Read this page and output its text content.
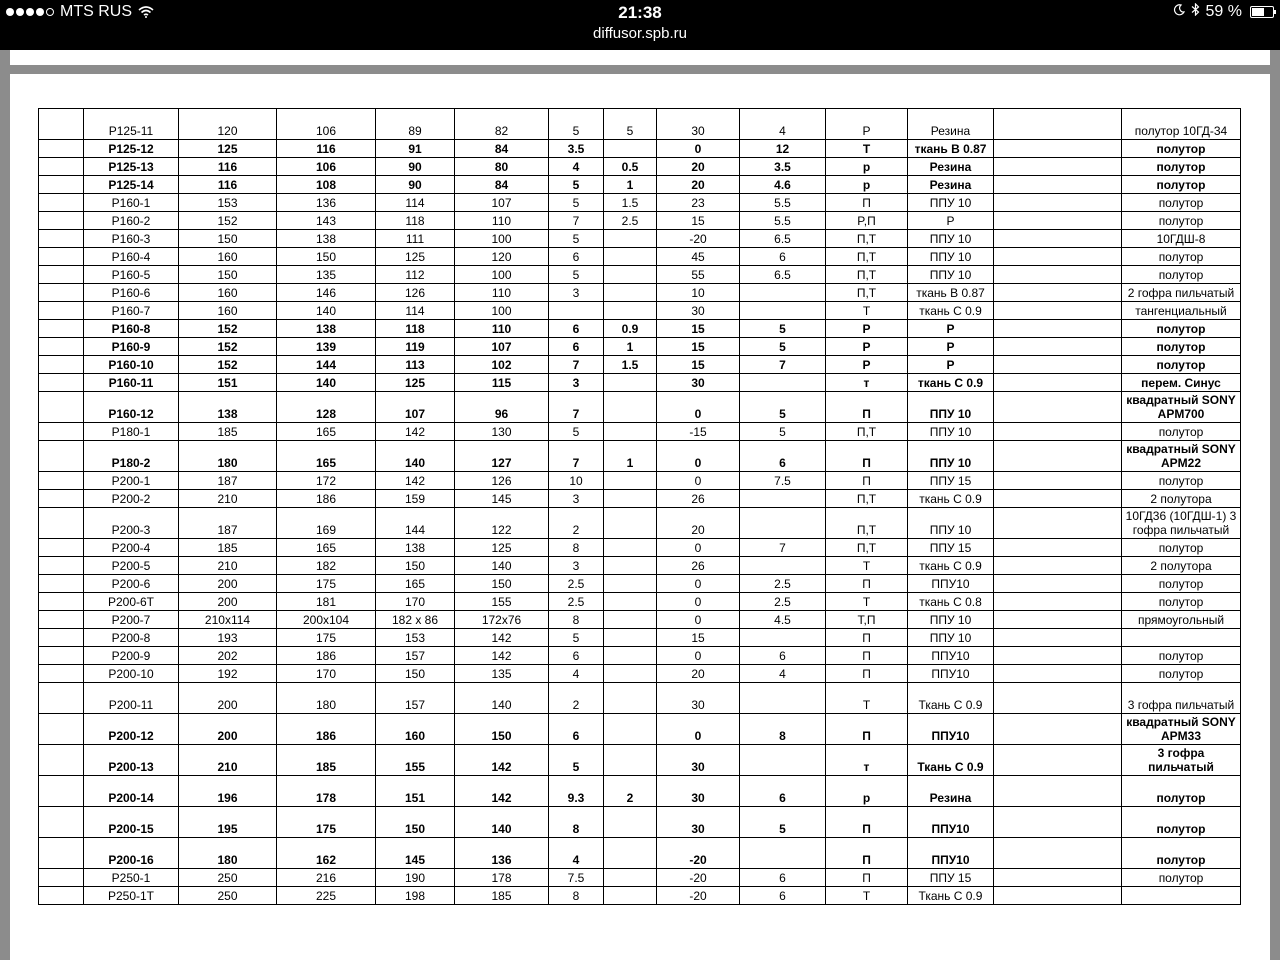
MTS RUS	21:38
diffusor.spb.ru
59 %
	P125-11	120	106	89	82	5	5	30	4	P	Резина		полутор 10ГД-34
	P125-12	125	116	91	84	3.5		0	12	T	ткань B 0.87		полутор
	P125-13	116	106	90	80	4	0.5	20	3.5	p	Резина		полутор
	P125-14	116	108	90	84	5	1	20	4.6	p	Резина		полутор
	P160-1	153	136	114	107	5	1.5	23	5.5	П	ППУ 10		полутор
	P160-2	152	143	118	110	7	2.5	15	5.5	P,П	P		полутор
	P160-3	150	138	111	100	5		-20	6.5	П,T	ППУ 10		10ГДШ-8
	P160-4	160	150	125	120	6		45	6	П,T	ППУ 10		полутор
	P160-5	150	135	112	100	5		55	6.5	П,T	ППУ 10		полутор
	P160-6	160	146	126	110	3		10		П,T	ткань B 0.87		2 гофра пильчатый
	P160-7	160	140	114	100			30		T	ткань C 0.9		тангенциальный
	P160-8	152	138	118	110	6	0.9	15	5	P	P		полутор
	P160-9	152	139	119	107	6	1	15	5	P	P		полутор
	P160-10	152	144	113	102	7	1.5	15	7	P	P		полутор
	P160-11	151	140	125	115	3		30		т	ткань C 0.9		перем. Синус
	P160-12	138	128	107	96	7		0	5	П	ППУ 10		квадратный SONY APM700
	P180-1	185	165	142	130	5		-15	5	П,T	ППУ 10		полутор
	P180-2	180	165	140	127	7	1	0	6	П	ППУ 10		квадратный SONY APM22
	P200-1	187	172	142	126	10		0	7.5	П	ППУ 15		полутор
	P200-2	210	186	159	145	3		26		П,T	ткань C 0.9		2 полутора
	P200-3	187	169	144	122	2		20		П,T	ППУ 10		10ГД36 (10ГДШ-1) 3 гофра пильчатый
	P200-4	185	165	138	125	8		0	7	П,T	ППУ 15		полутор
	P200-5	210	182	150	140	3		26		T	ткань C 0.9		2 полутора
	P200-6	200	175	165	150	2.5		0	2.5	П	ППУ10		полутор
	P200-6T	200	181	170	155	2.5		0	2.5	T	ткань C 0.8		полутор
	P200-7	210x114	200x104	182 x 86	172x76	8		0	4.5	T,П	ППУ 10		прямоугольный
	P200-8	193	175	153	142	5		15		П	ППУ 10		
	P200-9	202	186	157	142	6		0	6	П	ППУ10		полутор
	P200-10	192	170	150	135	4		20	4	П	ППУ10		полутор
	P200-11	200	180	157	140	2		30		T	Ткань C 0.9		3 гофра пильчатый
	P200-12	200	186	160	150	6		0	8	П	ППУ10		квадратный SONY APM33
	P200-13	210	185	155	142	5		30		т	Ткань C 0.9		3 гофра пильчатый
	P200-14	196	178	151	142	9.3	2	30	6	p	Резина		полутор
	P200-15	195	175	150	140	8		30	5	П	ППУ10		полутор
	P200-16	180	162	145	136	4		-20		П	ППУ10		полутор
	P250-1	250	216	190	178	7.5		-20	6	П	ППУ 15		полутор
	P250-1T	250	225	198	185	8		-20	6	T	Ткань C 0.9		
